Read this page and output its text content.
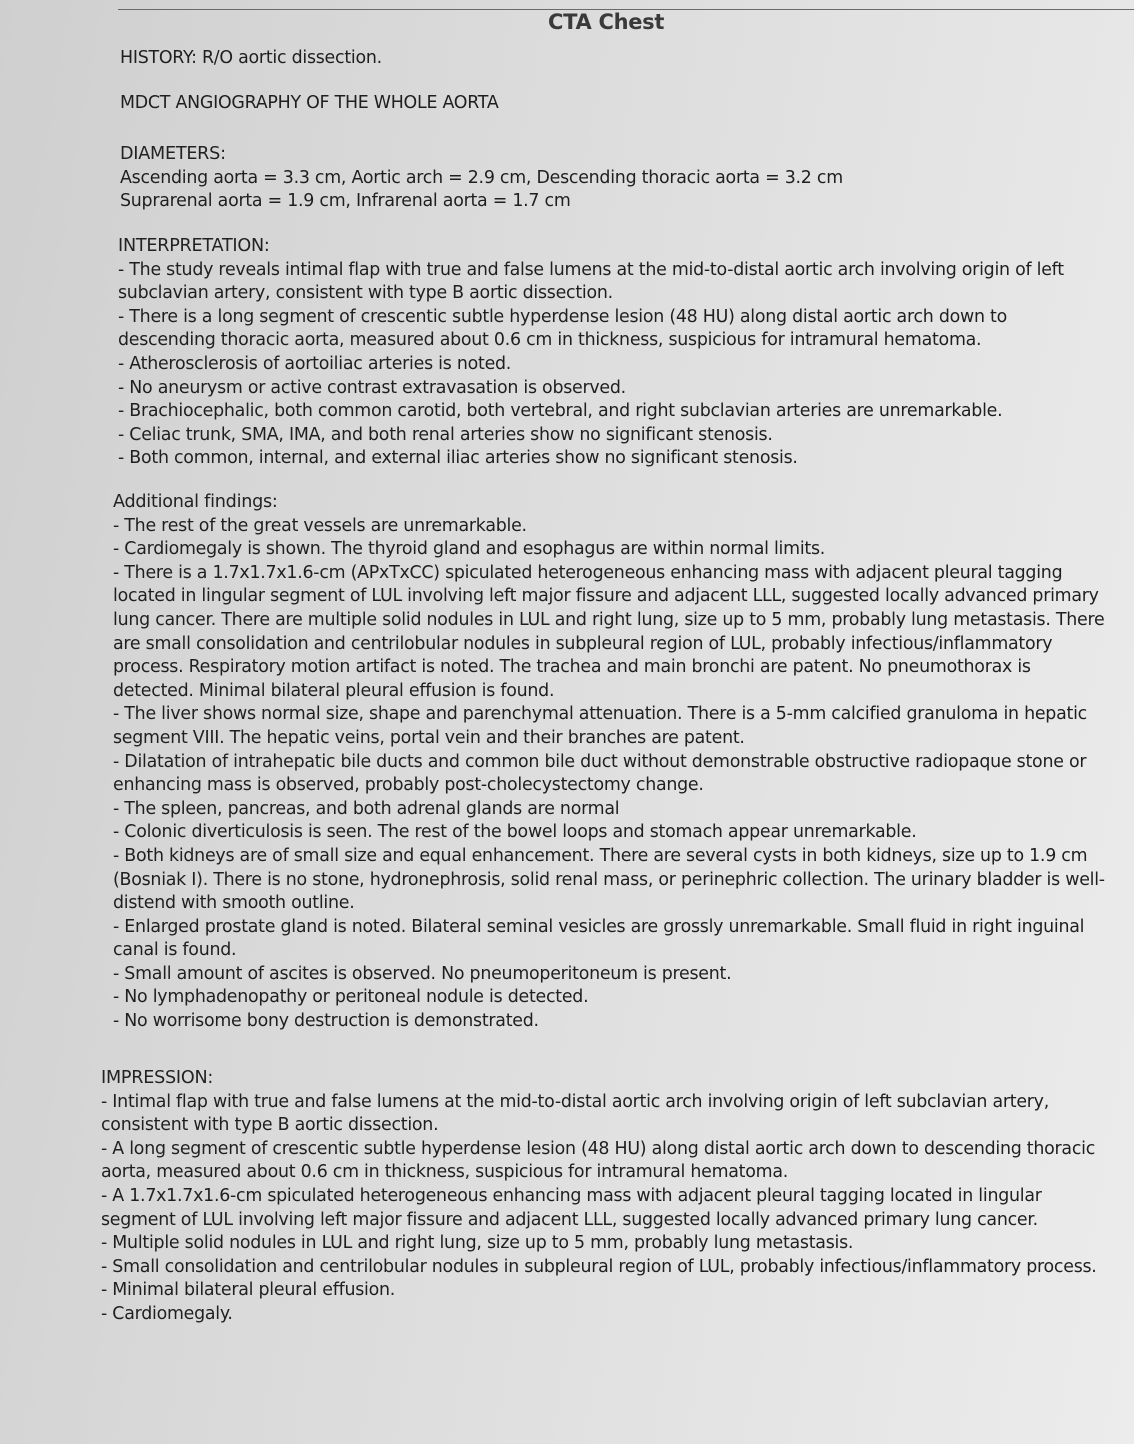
CTA Chest
HISTORY: R/O aortic dissection.
MDCT ANGIOGRAPHY OF THE WHOLE AORTA
DIAMETERS:
Ascending aorta = 3.3 cm, Aortic arch = 2.9 cm, Descending thoracic aorta = 3.2 cm
Suprarenal aorta = 1.9 cm, Infrarenal aorta = 1.7 cm
INTERPRETATION:
- The study reveals intimal flap with true and false lumens at the mid-to-distal aortic arch involving origin of left subclavian artery, consistent with type B aortic dissection.
- There is a long segment of crescentic subtle hyperdense lesion (48 HU) along distal aortic arch down to descending thoracic aorta, measured about 0.6 cm in thickness, suspicious for intramural hematoma.
- Atherosclerosis of aortoiliac arteries is noted.
- No aneurysm or active contrast extravasation is observed.
- Brachiocephalic, both common carotid, both vertebral, and right subclavian arteries are unremarkable.
- Celiac trunk, SMA, IMA, and both renal arteries show no significant stenosis.
- Both common, internal, and external iliac arteries show no significant stenosis.
Additional findings:
- The rest of the great vessels are unremarkable.
- Cardiomegaly is shown. The thyroid gland and esophagus are within normal limits.
- There is a 1.7x1.7x1.6-cm (APxTxCC) spiculated heterogeneous enhancing mass with adjacent pleural tagging located in lingular segment of LUL involving left major fissure and adjacent LLL, suggested locally advanced primary lung cancer. There are multiple solid nodules in LUL and right lung, size up to 5 mm, probably lung metastasis. There are small consolidation and centrilobular nodules in subpleural region of LUL, probably infectious/inflammatory process. Respiratory motion artifact is noted. The trachea and main bronchi are patent. No pneumothorax is detected. Minimal bilateral pleural effusion is found.
- The liver shows normal size, shape and parenchymal attenuation. There is a 5-mm calcified granuloma in hepatic segment VIII. The hepatic veins, portal vein and their branches are patent.
- Dilatation of intrahepatic bile ducts and common bile duct without demonstrable obstructive radiopaque stone or enhancing mass is observed, probably post-cholecystectomy change.
- The spleen, pancreas, and both adrenal glands are normal
- Colonic diverticulosis is seen. The rest of the bowel loops and stomach appear unremarkable.
- Both kidneys are of small size and equal enhancement. There are several cysts in both kidneys, size up to 1.9 cm (Bosniak I). There is no stone, hydronephrosis, solid renal mass, or perinephric collection. The urinary bladder is well-distend with smooth outline.
- Enlarged prostate gland is noted. Bilateral seminal vesicles are grossly unremarkable. Small fluid in right inguinal canal is found.
- Small amount of ascites is observed. No pneumoperitoneum is present.
- No lymphadenopathy or peritoneal nodule is detected.
- No worrisome bony destruction is demonstrated.
IMPRESSION:
- Intimal flap with true and false lumens at the mid-to-distal aortic arch involving origin of left subclavian artery, consistent with type B aortic dissection.
- A long segment of crescentic subtle hyperdense lesion (48 HU) along distal aortic arch down to descending thoracic aorta, measured about 0.6 cm in thickness, suspicious for intramural hematoma.
- A 1.7x1.7x1.6-cm spiculated heterogeneous enhancing mass with adjacent pleural tagging located in lingular segment of LUL involving left major fissure and adjacent LLL, suggested locally advanced primary lung cancer.
- Multiple solid nodules in LUL and right lung, size up to 5 mm, probably lung metastasis.
- Small consolidation and centrilobular nodules in subpleural region of LUL, probably infectious/inflammatory process.
- Minimal bilateral pleural effusion.
- Cardiomegaly.
